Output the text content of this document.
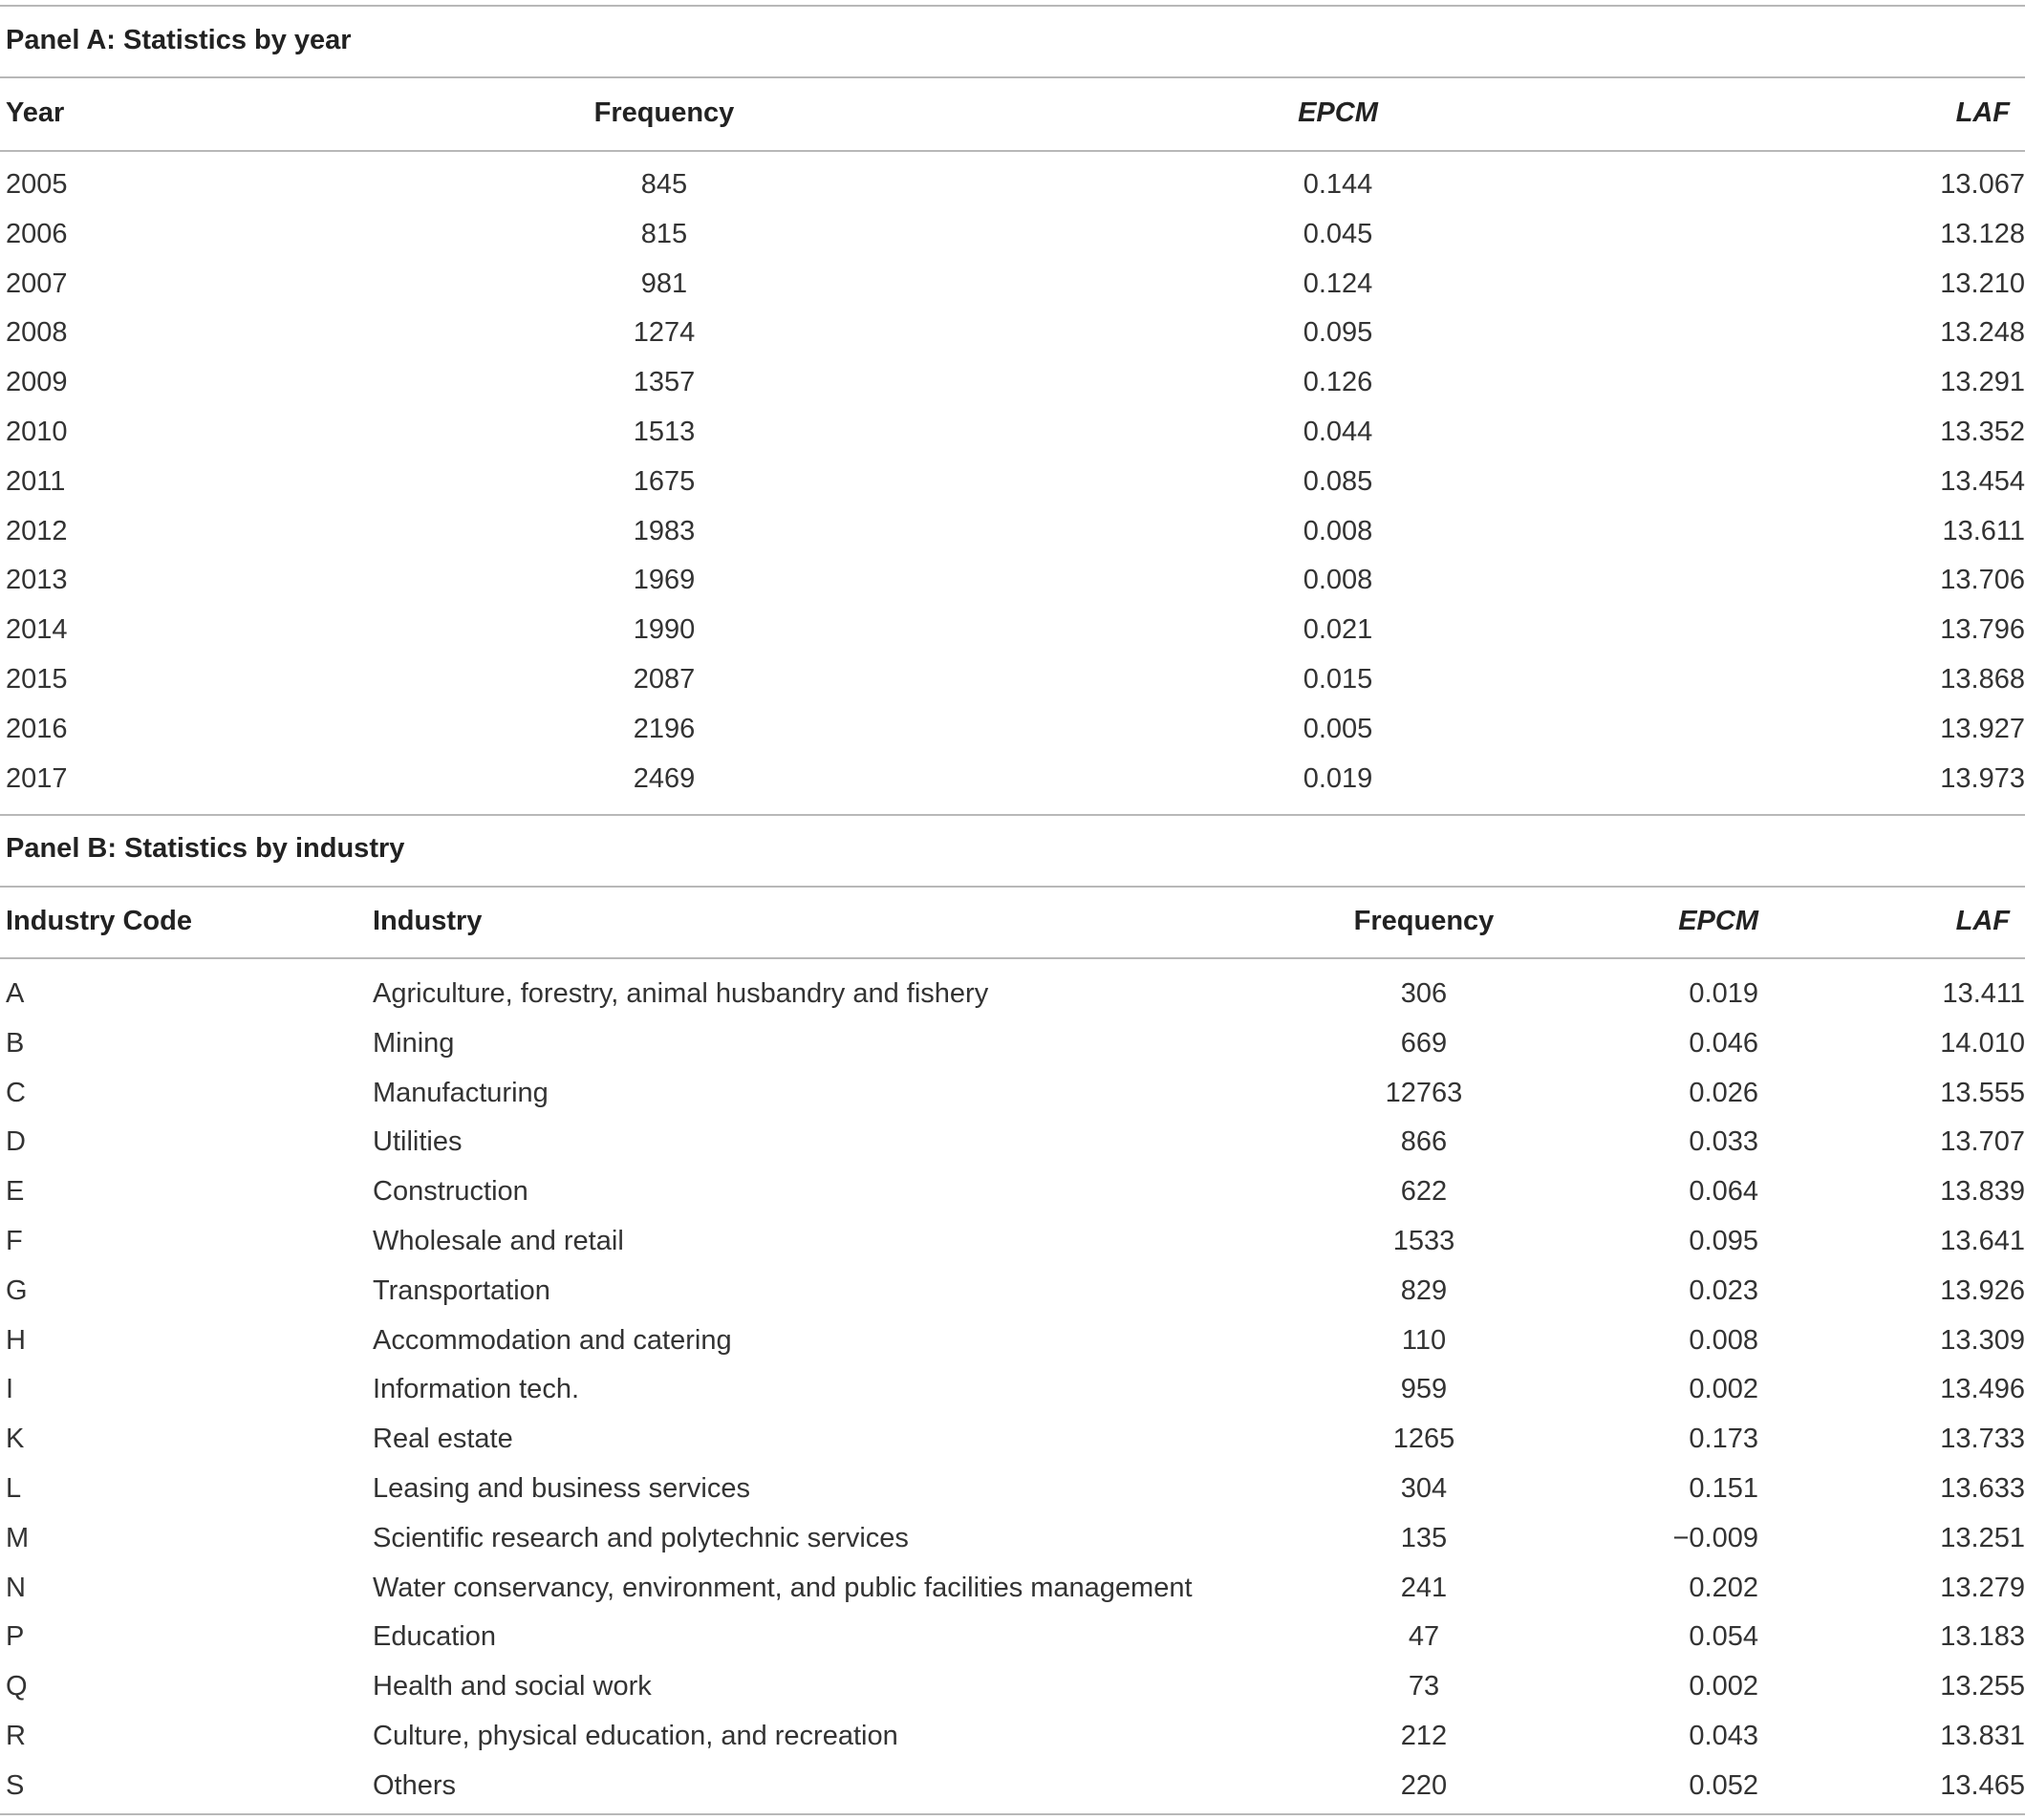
Panel A: Statistics by year
Year	Frequency	EPCM	LAF
2005	845	0.144	13.067
2006	815	0.045	13.128
2007	981	0.124	13.210
2008	1274	0.095	13.248
2009	1357	0.126	13.291
2010	1513	0.044	13.352
2011	1675	0.085	13.454
2012	1983	0.008	13.611
2013	1969	0.008	13.706
2014	1990	0.021	13.796
2015	2087	0.015	13.868
2016	2196	0.005	13.927
2017	2469	0.019	13.973
Panel B: Statistics by industry
Industry Code	Industry	Frequency	EPCM	LAF
A	Agriculture, forestry, animal husbandry and fishery	306	0.019	13.411
B	Mining	669	0.046	14.010
C	Manufacturing	12763	0.026	13.555
D	Utilities	866	0.033	13.707
E	Construction	622	0.064	13.839
F	Wholesale and retail	1533	0.095	13.641
G	Transportation	829	0.023	13.926
H	Accommodation and catering	110	0.008	13.309
I	Information tech.	959	0.002	13.496
K	Real estate	1265	0.173	13.733
L	Leasing and business services	304	0.151	13.633
M	Scientific research and polytechnic services	135	−0.009	13.251
N	Water conservancy, environment, and public facilities management	241	0.202	13.279
P	Education	47	0.054	13.183
Q	Health and social work	73	0.002	13.255
R	Culture, physical education, and recreation	212	0.043	13.831
S	Others	220	0.052	13.465
